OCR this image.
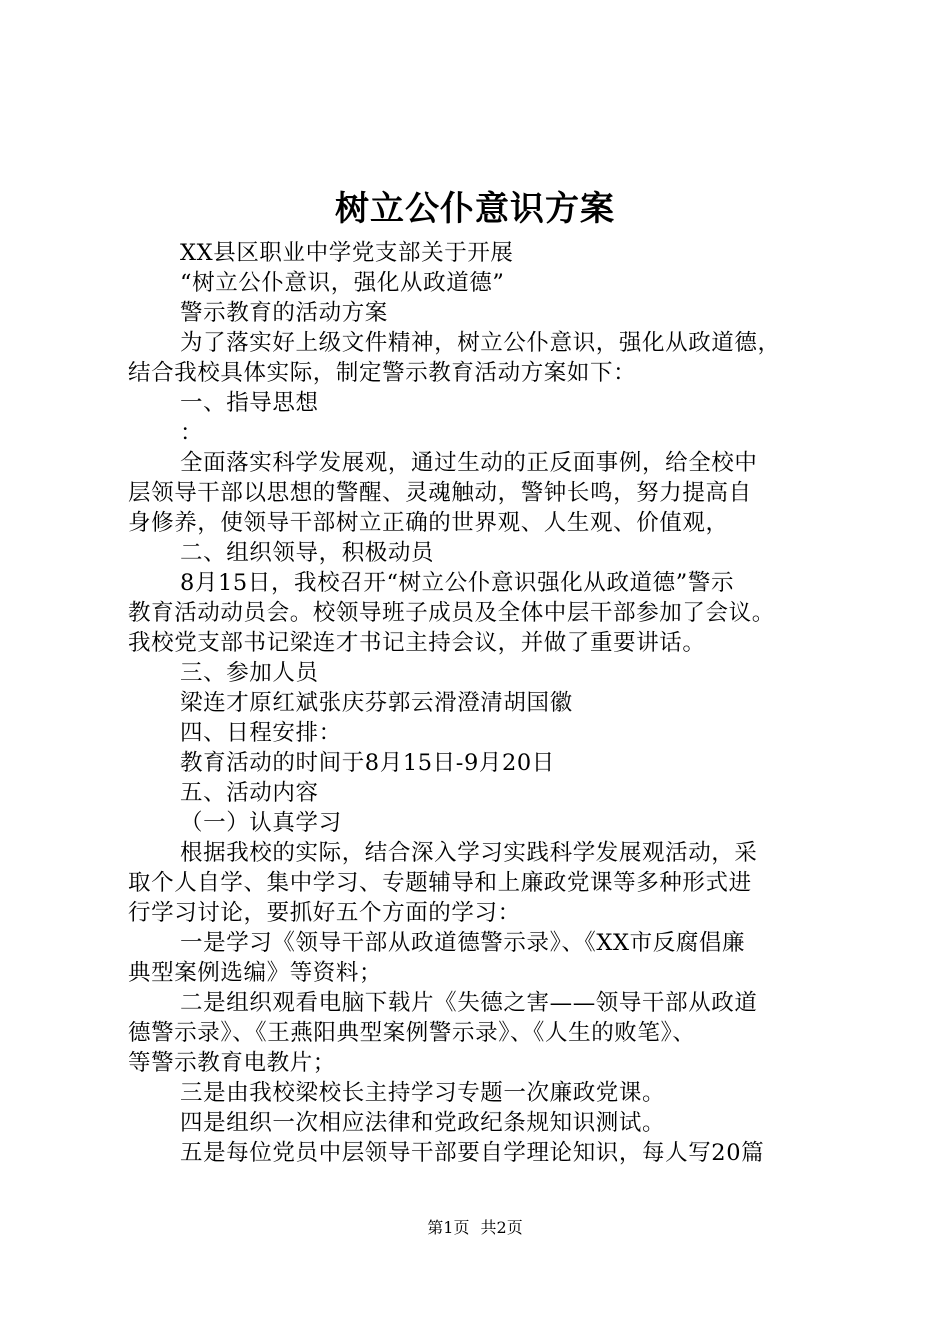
树立公仆意识方案
XX县区职业中学党支部关于开展
“树立公仆意识，强化从政道德”
警示教育的活动方案
为了落实好上级文件精神，树立公仆意识，强化从政道德，
结合我校具体实际，制定警示教育活动方案如下：
一、指导思想
：
全面落实科学发展观，通过生动的正反面事例，给全校中
层领导干部以思想的警醒、灵魂触动，警钟长鸣，努力提高自
身修养，使领导干部树立正确的世界观、人生观、价值观，
二、组织领导，积极动员
8月15日，我校召开“树立公仆意识强化从政道德”警示
教育活动动员会。校领导班子成员及全体中层干部参加了会议。
我校党支部书记梁连才书记主持会议，并做了重要讲话。
三、参加人员
梁连才原红斌张庆芬郭云滑澄清胡国徽
四、日程安排：
教育活动的时间于8月15日-9月20日
五、活动内容
（一）认真学习
根据我校的实际，结合深入学习实践科学发展观活动，采
取个人自学、集中学习、专题辅导和上廉政党课等多种形式进
行学习讨论，要抓好五个方面的学习：
一是学习《领导干部从政道德警示录》、《XX市反腐倡廉
典型案例选编》等资料；
二是组织观看电脑下载片《失德之害——领导干部从政道
德警示录》、《王燕阳典型案例警示录》、《人生的败笔》、
等警示教育电教片；
三是由我校梁校长主持学习专题一次廉政党课。
四是组织一次相应法律和党政纪条规知识测试。
五是每位党员中层领导干部要自学理论知识，每人写20篇
第1页 共2页
